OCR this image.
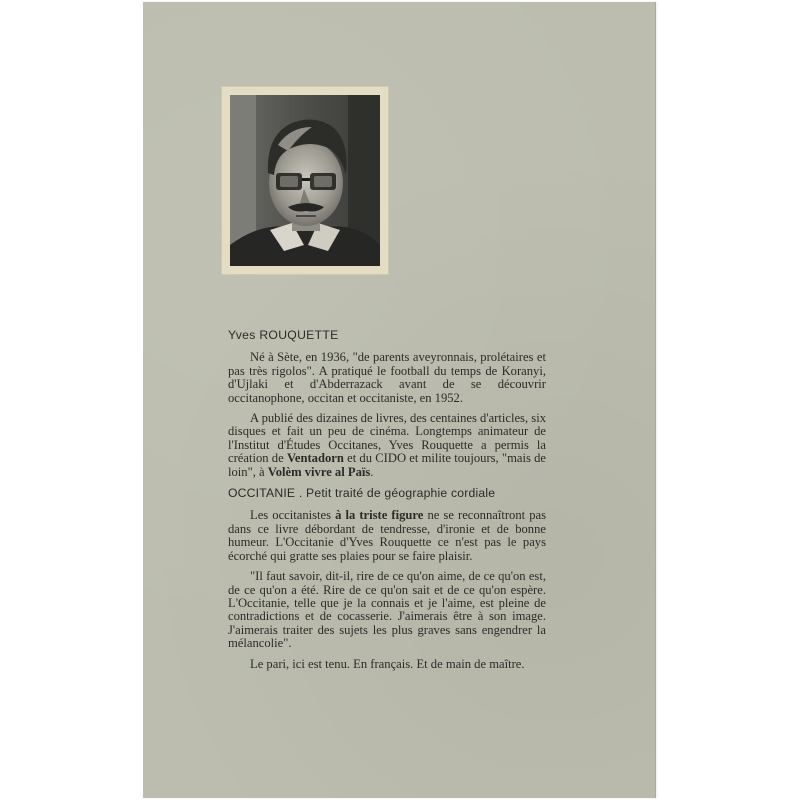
Yves ROUQUETTE

Né à Sète, en 1936, "de parents aveyronnais, prolétaires et pas très rigolos". A pratiqué le football du temps de Koranyi, d'Ujlaki et d'Abderrazack avant de se découvrir occitanophone, occitan et occitaniste, en 1952.

A publié des dizaines de livres, des centaines d'articles, six disques et fait un peu de cinéma. Longtemps animateur de l'Institut d'Études Occitanes, Yves Rouquette a permis la création de Ventadorn et du CIDO et milite toujours, "mais de loin", à Volèm vivre al Païs.

OCCITANIE . Petit traité de géographie cordiale

Les occitanistes à la triste figure ne se reconnaîtront pas dans ce livre débordant de tendresse, d'ironie et de bonne humeur. L'Occitanie d'Yves Rouquette ce n'est pas le pays écorché qui gratte ses plaies pour se faire plaisir.

"Il faut savoir, dit-il, rire de ce qu'on aime, de ce qu'on est, de ce qu'on a été. Rire de ce qu'on sait et de ce qu'on espère. L'Occitanie, telle que je la connais et je l'aime, est pleine de contradictions et de cocasserie. J'aimerais être à son image. J'aimerais traiter des sujets les plus graves sans engendrer la mélancolie".

Le pari, ici est tenu. En français. Et de main de maître.
